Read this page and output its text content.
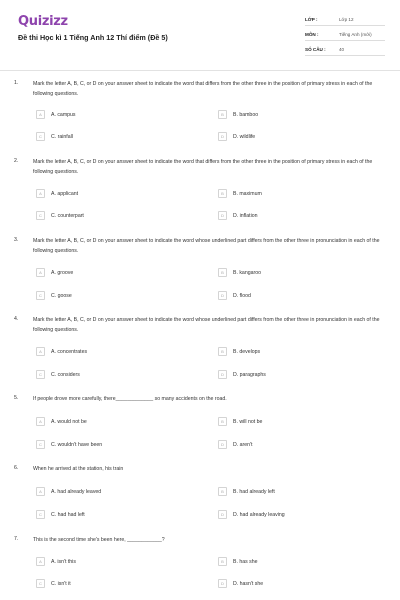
Quizizz
Đề thi Học kì 1 Tiếng Anh 12 Thí điểm (Đề 5)
LỚP :	Lớp 12
MÔN :	Tiếng Anh (mới)
SỐ CÂU :	40
1.	Mark the letter A, B, C, or D on your answer sheet to indicate the word that differs from the other three in the position of primary stress in each of the following questions.
A	A. campus	B	B. bamboo
C	C. rainfall	D	D. wildlife
2.	Mark the letter A, B, C, or D on your answer sheet to indicate the word that differs from the other three in the position of primary stress in each of the following questions.
A	A. applicant	B	B. maximum
C	C. counterpart	D	D. inflation
3.	Mark the letter A, B, C, or D on your answer sheet to indicate the word whose underlined part differs from the other three in pronunciation in each of the following questions.
A	A. groove	B	B. kangaroo
C	C. goose	D	D. flood
4.	Mark the letter A, B, C, or D on your answer sheet to indicate the word whose underlined part differs from the other three in pronunciation in each of the following questions.
A	A. concentrates	B	B. develops
C	C. considers	D	D. paragraphs
5.	If people drove more carefully, there_____________ so many accidents on the road.
A	A. would not be	B	B. will not be
C	C. wouldn't have been	D	D. aren't
6.	When he arrived at the station, his train
A	A. had already leaved	B	B. had already left
C	C. had had left	D	D. had already leaving
7.	This is the second time she's been here, ____________?
A	A. isn't this	B	B. has she
C	C. isn't it	D	D. hasn't she
